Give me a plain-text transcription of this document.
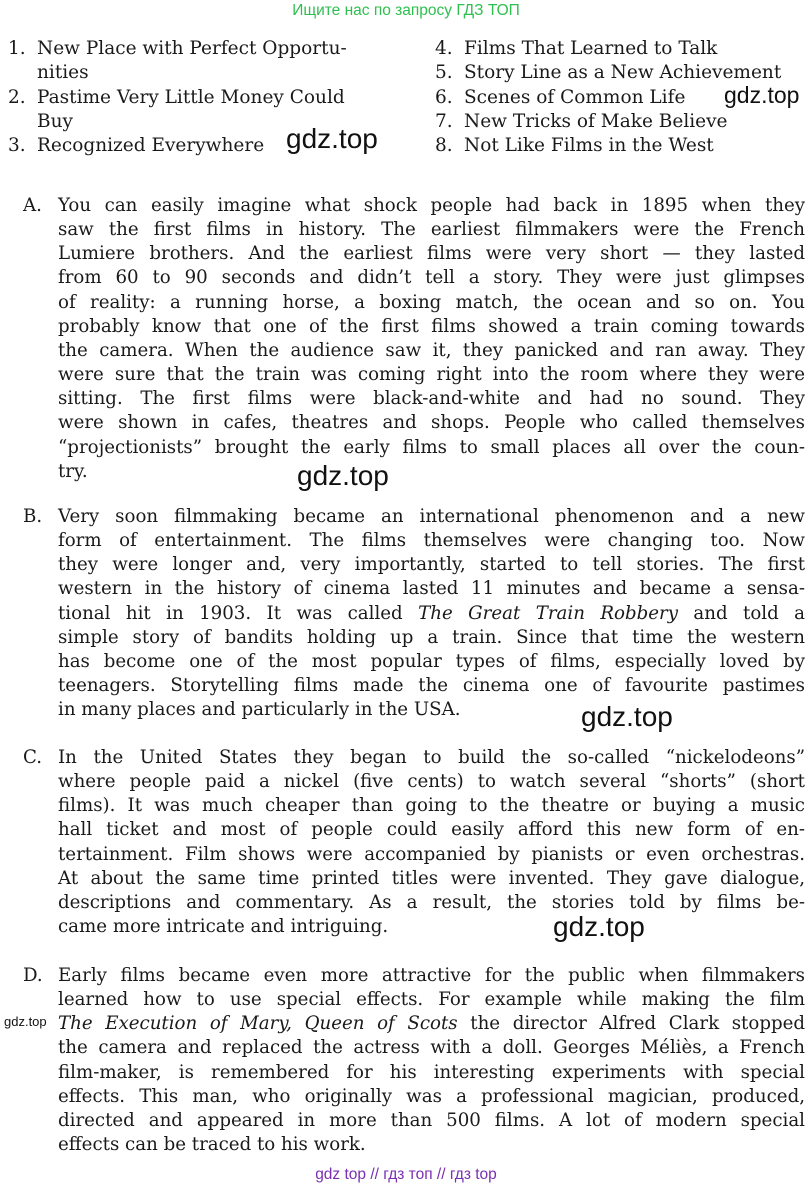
Ищите нас по запросу ГДЗ ТОП
1. New Place with Perfect Opportu-
nities
2. Pastime Very Little Money Could
Buy
3. Recognized Everywhere
4. Films That Learned to Talk
5. Story Line as a New Achievement
6. Scenes of Common Life
7. New Tricks of Make Believe
8. Not Like Films in the West
A. You can easily imagine what shock people had back in 1895 when they
saw the first films in history. The earliest filmmakers were the French
Lumiere brothers. And the earliest films were very short — they lasted
from 60 to 90 seconds and didn’t tell a story. They were just glimpses
of reality: a running horse, a boxing match, the ocean and so on. You
probably know that one of the first films showed a train coming towards
the camera. When the audience saw it, they panicked and ran away. They
were sure that the train was coming right into the room where they were
sitting. The first films were black-and-white and had no sound. They
were shown in cafes, theatres and shops. People who called themselves
“projectionists” brought the early films to small places all over the coun-
try.
B. Very soon filmmaking became an international phenomenon and a new
form of entertainment. The films themselves were changing too. Now
they were longer and, very importantly, started to tell stories. The first
western in the history of cinema lasted 11 minutes and became a sensa-
tional hit in 1903. It was called The Great Train Robbery and told a
simple story of bandits holding up a train. Since that time the western
has become one of the most popular types of films, especially loved by
teenagers. Storytelling films made the cinema one of favourite pastimes
in many places and particularly in the USA.
C. In the United States they began to build the so-called “nickelodeons”
where people paid a nickel (five cents) to watch several “shorts” (short
films). It was much cheaper than going to the theatre or buying a music
hall ticket and most of people could easily afford this new form of en-
tertainment. Film shows were accompanied by pianists or even orchestras.
At about the same time printed titles were invented. They gave dialogue,
descriptions and commentary. As a result, the stories told by films be-
came more intricate and intriguing.
D. Early films became even more attractive for the public when filmmakers
learned how to use special effects. For example while making the film
The Execution of Mary, Queen of Scots the director Alfred Clark stopped
the camera and replaced the actress with a doll. Georges Méliès, a French
film-maker, is remembered for his interesting experiments with special
effects. This man, who originally was a professional magician, produced,
directed and appeared in more than 500 films. A lot of modern special
effects can be traced to his work.
gdz.top
gdz.top
gdz.top
gdz.top
gdz.top
gdz.top
gdz top // гдз топ // гдз top
